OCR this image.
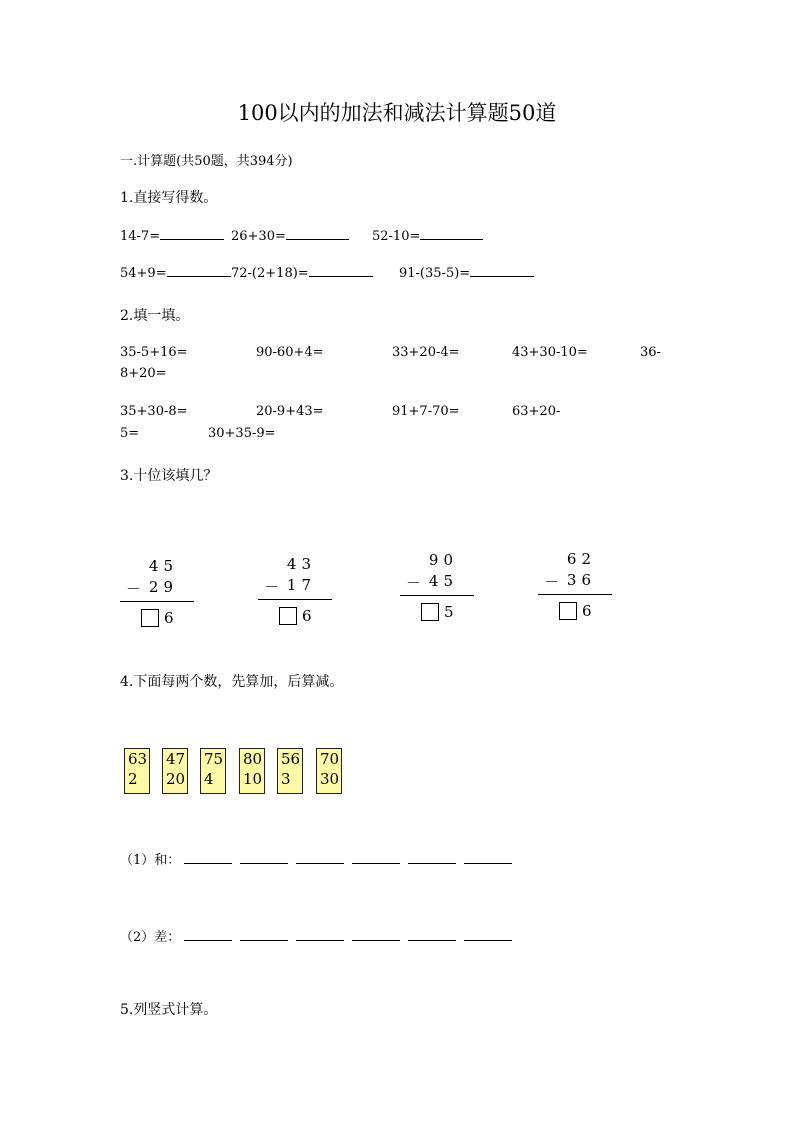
100以内的加法和减法计算题50道
一.计算题(共50题，共394分)
1.直接写得数。
14-7=	26+30=	52-10=
54+9=	72-(2+18)=	91-(35-5)=
2.填一填。
35-5+16=	90-60+4=	33+20-4=	43+30-10=	36-
8+20=
35+30-8=	20-9+43=	91+7-70=	63+20-
5=	30+35-9=
3.十位该填几？
45
－ 29
6
43
－ 17
6
90
－ 45
5
62
－ 36
6
4.下面每两个数，先算加，后算减。
63
2
47
20
75
4
80
10
56
3
70
30
（1）和：
（2）差：
5.列竖式计算。
